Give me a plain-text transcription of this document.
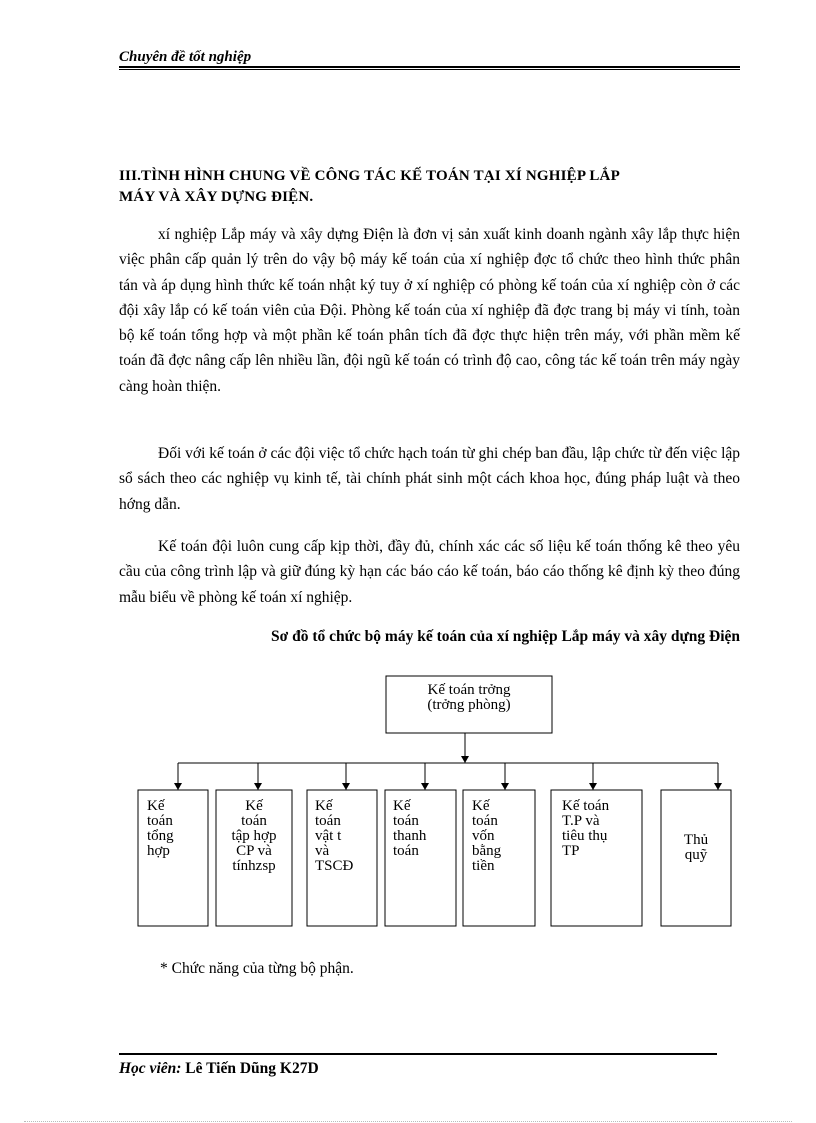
Chuyên đề tốt nghiệp
III.TÌNH HÌNH CHUNG VỀ CÔNG TÁC KẾ TOÁN TẠI XÍ NGHIỆP LẮP
MÁY VÀ XÂY DỰNG ĐIỆN.

xí nghiệp Lắp máy và xây dựng Điện là đơn vị sản xuất kinh doanh ngành xây lắp thực hiện việc phân cấp quản lý trên do vậy bộ máy kế toán của xí nghiệp đợc tổ chức theo hình thức phân tán và áp dụng hình thức kế toán nhật ký tuy ở xí nghiệp có phòng kế toán của xí nghiệp còn ở các đội xây lắp có kế toán viên của Đội. Phòng kế toán của xí nghiệp đã đợc trang bị máy vi tính, toàn bộ kế toán tổng hợp và một phần kế toán phân tích đã đợc thực hiện trên máy, với phần mềm kế toán đã đợc nâng cấp lên nhiều lần, đội ngũ kế toán có trình độ cao, công tác kế toán trên máy ngày càng hoàn thiện.

Đối với kế toán ở các đội việc tổ chức hạch toán từ ghi chép ban đầu, lập chức từ đến việc lập sổ sách theo các nghiệp vụ kinh tế, tài chính phát sinh một cách khoa học, đúng pháp luật và theo hớng dẫn.

Kế toán đội luôn cung cấp kịp thời, đầy đủ, chính xác các số liệu kế toán thống kê theo yêu cầu của công trình lập và giữ đúng kỳ hạn các báo cáo kế toán, báo cáo thống kê định kỳ theo đúng mẫu biểu về phòng kế toán xí nghiệp.

Sơ đồ tổ chức bộ máy kế toán của xí nghiệp Lắp máy và xây dựng Điện
Kế
toán
tổng
hợp
Kế
toán
tập hợp
CP và
tínhzsp
Kế
toán
vật t
và
TSCĐ
Kế
toán
thanh
toán
Kế
toán
vốn
bằng
tiền
Kế toán
T.P và
tiêu thụ
TP
Thủ
quỹ
Kế toán trởng
(trởng phòng)
* Chức năng của từng bộ phận.
Học viên: Lê Tiến Dũng K27D
